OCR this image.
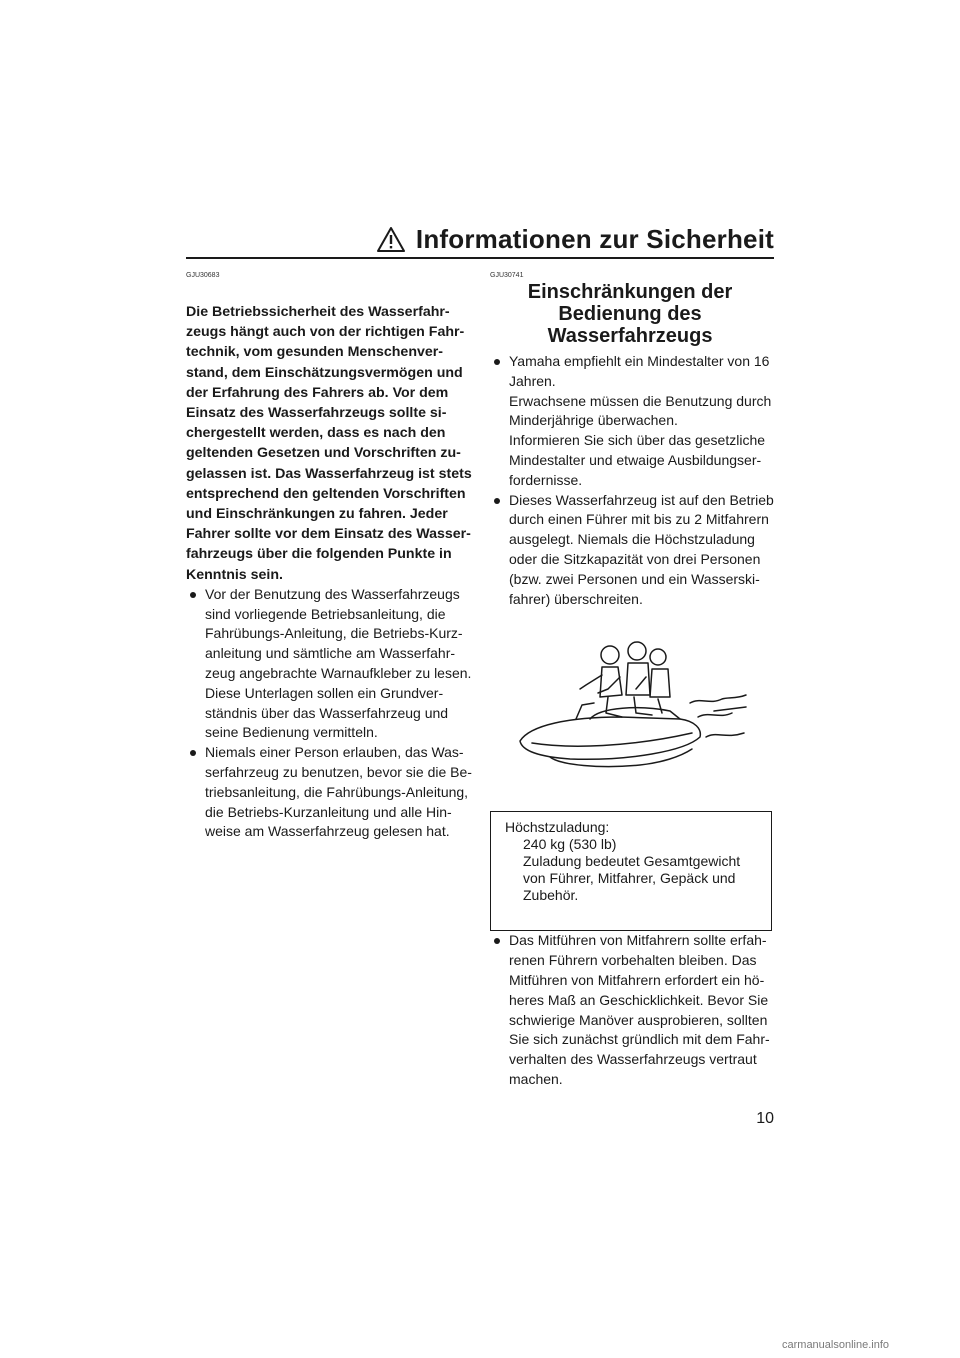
Informationen zur Sicherheit

GJU30683

Die Betriebssicherheit des Wasserfahr-
zeugs hängt auch von der richtigen Fahr-
technik, vom gesunden Menschenver-
stand, dem Einschätzungsvermögen und
der Erfahrung des Fahrers ab. Vor dem
Einsatz des Wasserfahrzeugs sollte si-
chergestellt werden, dass es nach den
geltenden Gesetzen und Vorschriften zu-
gelassen ist. Das Wasserfahrzeug ist stets
entsprechend den geltenden Vorschriften
und Einschränkungen zu fahren. Jeder
Fahrer sollte vor dem Einsatz des Wasser-
fahrzeugs über die folgenden Punkte in
Kenntnis sein.

Vor der Benutzung des Wasserfahrzeugs
sind vorliegende Betriebsanleitung, die
Fahrübungs-Anleitung, die Betriebs-Kurz-
anleitung und sämtliche am Wasserfahr-
zeug angebrachte Warnaufkleber zu lesen.
Diese Unterlagen sollen ein Grundver-
ständnis über das Wasserfahrzeug und
seine Bedienung vermitteln.
Niemals einer Person erlauben, das Was-
serfahrzeug zu benutzen, bevor sie die Be-
triebsanleitung, die Fahrübungs-Anleitung,
die Betriebs-Kurzanleitung und alle Hin-
weise am Wasserfahrzeug gelesen hat.

GJU30741

Einschränkungen der
Bedienung des
Wasserfahrzeugs
Yamaha empfiehlt ein Mindestalter von 16
Jahren.
Erwachsene müssen die Benutzung durch
Minderjährige überwachen.
Informieren Sie sich über das gesetzliche
Mindestalter und etwaige Ausbildungser-
fordernisse.
Dieses Wasserfahrzeug ist auf den Betrieb
durch einen Führer mit bis zu 2 Mitfahrern
ausgelegt. Niemals die Höchstzuladung
oder die Sitzkapazität von drei Personen
(bzw. zwei Personen und ein Wasserski-
fahrer) überschreiten.
Höchstzuladung:
240 kg (530 lb)
Zuladung bedeutet Gesamtgewicht
von Führer, Mitfahrer, Gepäck und
Zubehör.
Das Mitführen von Mitfahrern sollte erfah-
renen Führern vorbehalten bleiben. Das
Mitführen von Mitfahrern erfordert ein hö-
heres Maß an Geschicklichkeit. Bevor Sie
schwierige Manöver ausprobieren, sollten
Sie sich zunächst gründlich mit dem Fahr-
verhalten des Wasserfahrzeugs vertraut
machen.
10
carmanualsonline.info
